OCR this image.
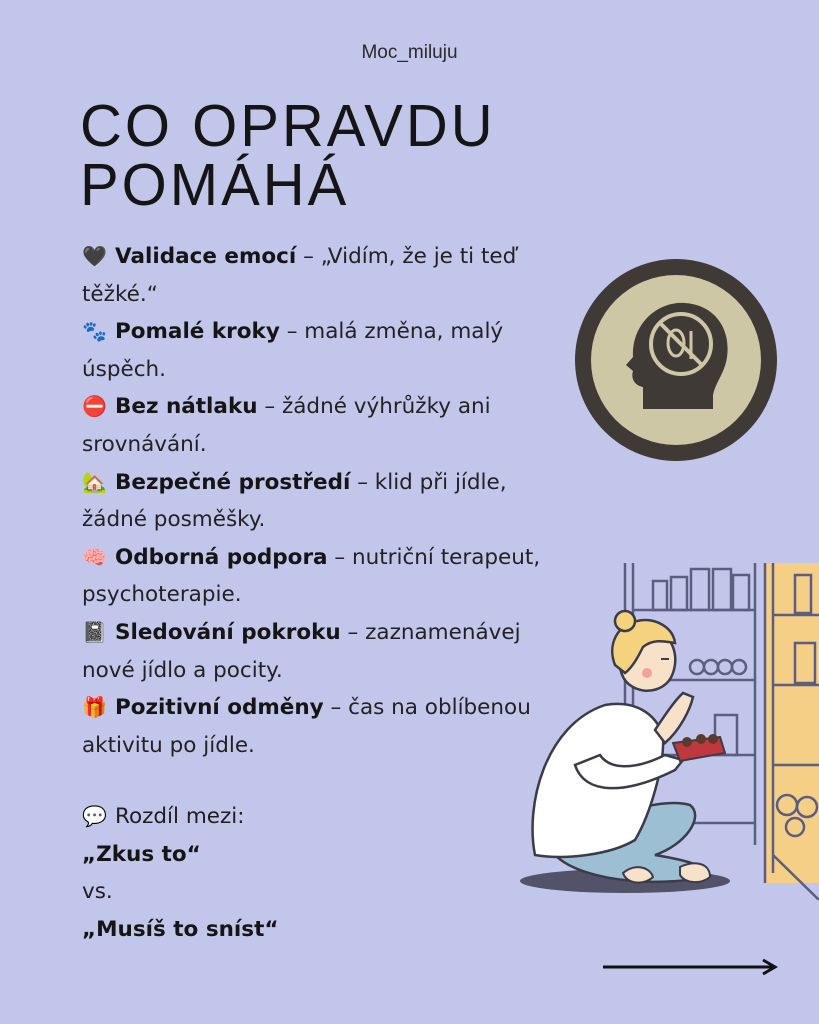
Moc_miluju
CO OPRAVDU
POMÁHÁ
🖤 Validace emocí – „Vidím, že je ti teď těžké.“
🐾 Pomalé kroky – malá změna, malý úspěch.
⛔ Bez nátlaku – žádné výhrůžky ani srovnávání.
🏡 Bezpečné prostředí – klid při jídle, žádné posměšky.
🧠 Odborná podpora – nutriční terapeut, psychoterapie.
📓 Sledování pokroku – zaznamenávej nové jídlo a pocity.
🎁 Pozitivní odměny – čas na oblíbenou aktivitu po jídle.
💬 Rozdíl mezi:
„Zkus to“
vs.
„Musíš to sníst“
